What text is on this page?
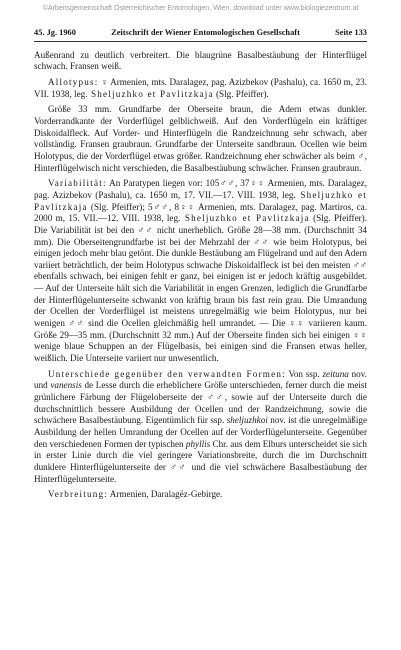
©Arbeitsgemeinschaft Österreichischer Entomologen, Wien, download unter www.biologiezentrum.at
45. Jg. 1960	Zeitschrift der Wiener Entomologischen Gesellschaft	Seite 133

Außenrand zu deutlich verbreitert. Die blaugrüne Basalbestäubung der Hinterflügel schwach. Fransen weiß.

Allotypus: ♀ Armenien, mts. Daralagez, pag. Azizbekov (Pashalu), ca. 1650 m, 23. VII. 1938, leg. Sheljuzhko et Pavlitzkaja (Slg. Pfeiffer).

Größe 33 mm. Grundfarbe der Oberseite braun, die Adern etwas dunkler. Vorderrandkante der Vorderflügel gelblichweiß. Auf den Vorderflügeln ein kräftiger Diskoidalfleck. Auf Vorder- und Hinterflügeln die Randzeichnung sehr schwach, aber vollständig. Fransen graubraun. Grundfarbe der Unterseite sandbraun. Ocellen wie beim Holotypus, die der Vorderflügel etwas größer. Randzeichnung eher schwächer als beim ♂, Hinterflügelwisch nicht verschieden, die Basalbestäubung schwächer. Fransen graubraun.

Variabilität: An Paratypen liegen vor: 105♂♂, 37♀♀ Armenien, mts. Daralagez, pag. Azizbekov (Pashalu), ca. 1650 m, 17. VII.—17. VIII. 1938, leg. Sheljuzhko et Pavlitzkaja (Slg. Pfeiffer); 5♂♂, 8♀♀ Armenien, mts. Daralagez, pag. Martiros, ca. 2000 m, 15. VII.—12. VIII. 1938, leg. Sheljuzhko et Pavlitzkaja (Slg. Pfeiffer). Die Variabilität ist bei den ♂♂ nicht unerheblich. Größe 28—38 mm. (Durchschnitt 34 mm). Die Oberseitengrundfarbe ist bei der Mehrzahl der ♂♂ wie beim Holotypus, bei einigen jedoch mehr blau getönt. Die dunkle Bestäubung am Flügelrand und auf den Adern variiert beträchtlich, der beim Holotypus schwache Diskoidalfleck ist bei den meisten ♂♂ ebenfalls schwach, bei einigen fehlt er ganz, bei einigen ist er jedoch kräftig ausgebildet. — Auf der Unterseite hält sich die Variabilität in engen Grenzen, lediglich die Grundfarbe der Hinterflügelunterseite schwankt von kräftig braun bis fast rein grau. Die Umrandung der Ocellen der Vorderflügel ist meistens unregelmäßig wie beim Holotypus, nur bei wenigen ♂♂ sind die Ocellen gleichmäßig hell umrandet. — Die ♀♀ variieren kaum. Größe 29—35 mm. (Durchschnitt 32 mm.) Auf der Oberseite finden sich bei einigen ♀♀ wenige blaue Schuppen an der Flügelbasis, bei einigen sind die Fransen etwas heller, weißlich. Die Unterseite variiert nur unwesentlich.

Unterschiede gegenüber den verwandten Formen: Von ssp. zeituna nov. und vanensis de Lesse durch die erheblichere Größe unterschieden, ferner durch die meist grünlichere Färbung der Flügeloberseite der ♂♂, sowie auf der Unterseite durch die durchschnittlich bessere Ausbildung der Ocellen und der Randzeichnung, sowie die schwächere Basalbestäubung. Eigentümlich für ssp. sheljuzhkoi nov. ist die unregelmäßige Ausbildung der hellen Umrandung der Ocellen auf der Vorderflügelunterseite. Gegenüber den verschiedenen Formen der typischen phyllis Chr. aus dem Elburs unterscheidet sie sich in erster Linie durch die viel geringere Variationsbreite, durch die im Durchschnitt dunklere Hinterflügelunterseite der ♂♂ und die viel schwächere Basalbestäubung der Hinterflügelunterseite.

Verbreitung: Armenien, Daralagëz-Gebirge.
